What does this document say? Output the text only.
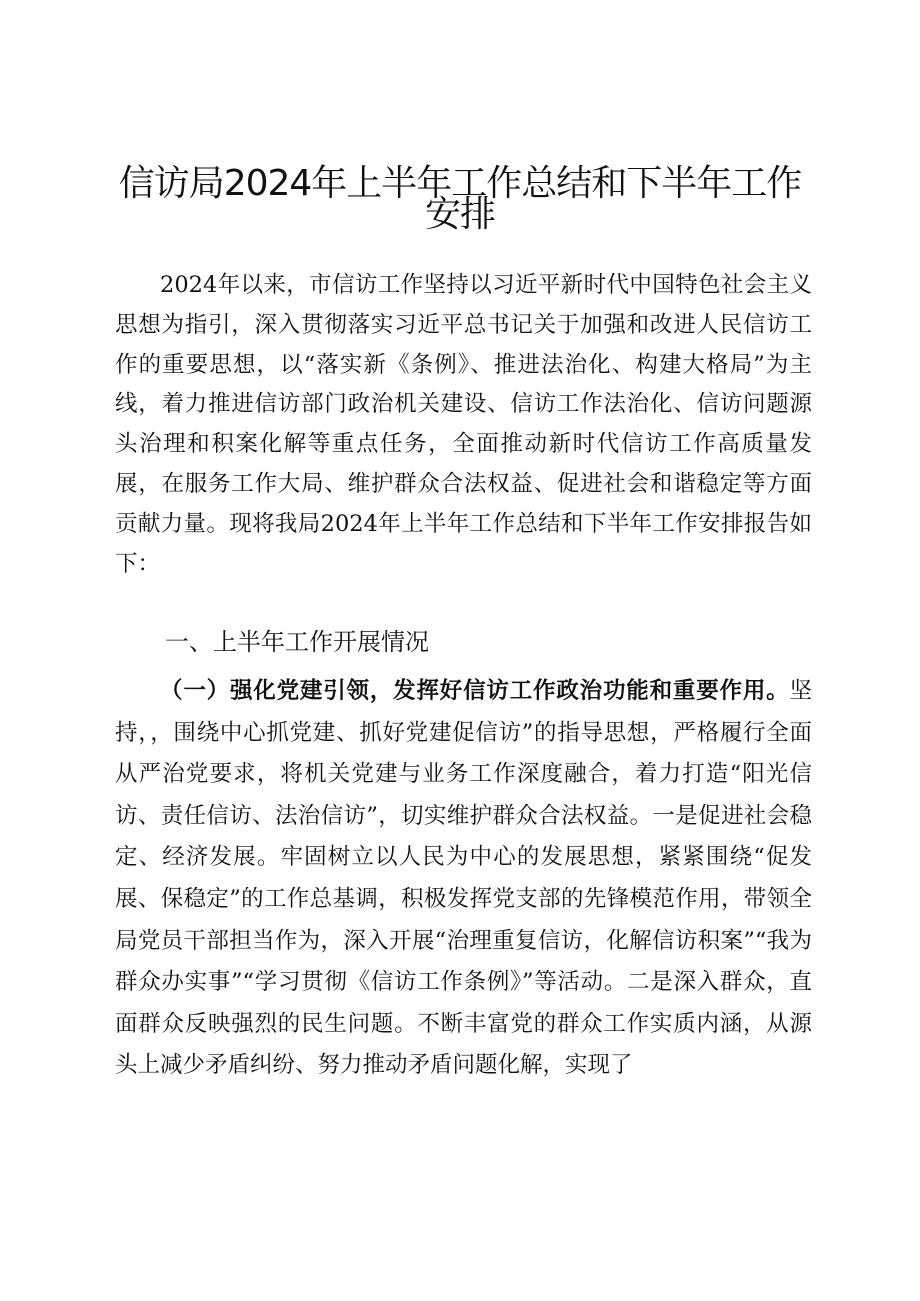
信访局2024年上半年工作总结和下半年工作
安排

2024年以来，市信访工作坚持以习近平新时代中国特色社会主义思想为指引，深入贯彻落实习近平总书记关于加强和改进人民信访工作的重要思想，以“落实新《条例》、推进法治化、构建大格局”为主线，着力推进信访部门政治机关建设、信访工作法治化、信访问题源头治理和积案化解等重点任务，全面推动新时代信访工作高质量发展，在服务工作大局、维护群众合法权益、促进社会和谐稳定等方面贡献力量。现将我局2024年上半年工作总结和下半年工作安排报告如下：

一、上半年工作开展情况

（一）强化党建引领，发挥好信访工作政治功能和重要作用。坚持，，围绕中心抓党建、抓好党建促信访”的指导思想，严格履行全面从严治党要求，将机关党建与业务工作深度融合，着力打造“阳光信访、责任信访、法治信访”，切实维护群众合法权益。一是促进社会稳定、经济发展。牢固树立以人民为中心的发展思想，紧紧围绕“促发展、保稳定”的工作总基调，积极发挥党支部的先锋模范作用，带领全局党员干部担当作为，深入开展“治理重复信访，化解信访积案”“我为群众办实事”“学习贯彻《信访工作条例》”等活动。二是深入群众，直面群众反映强烈的民生问题。不断丰富党的群众工作实质内涵，从源头上减少矛盾纠纷、努力推动矛盾问题化解，实现了
